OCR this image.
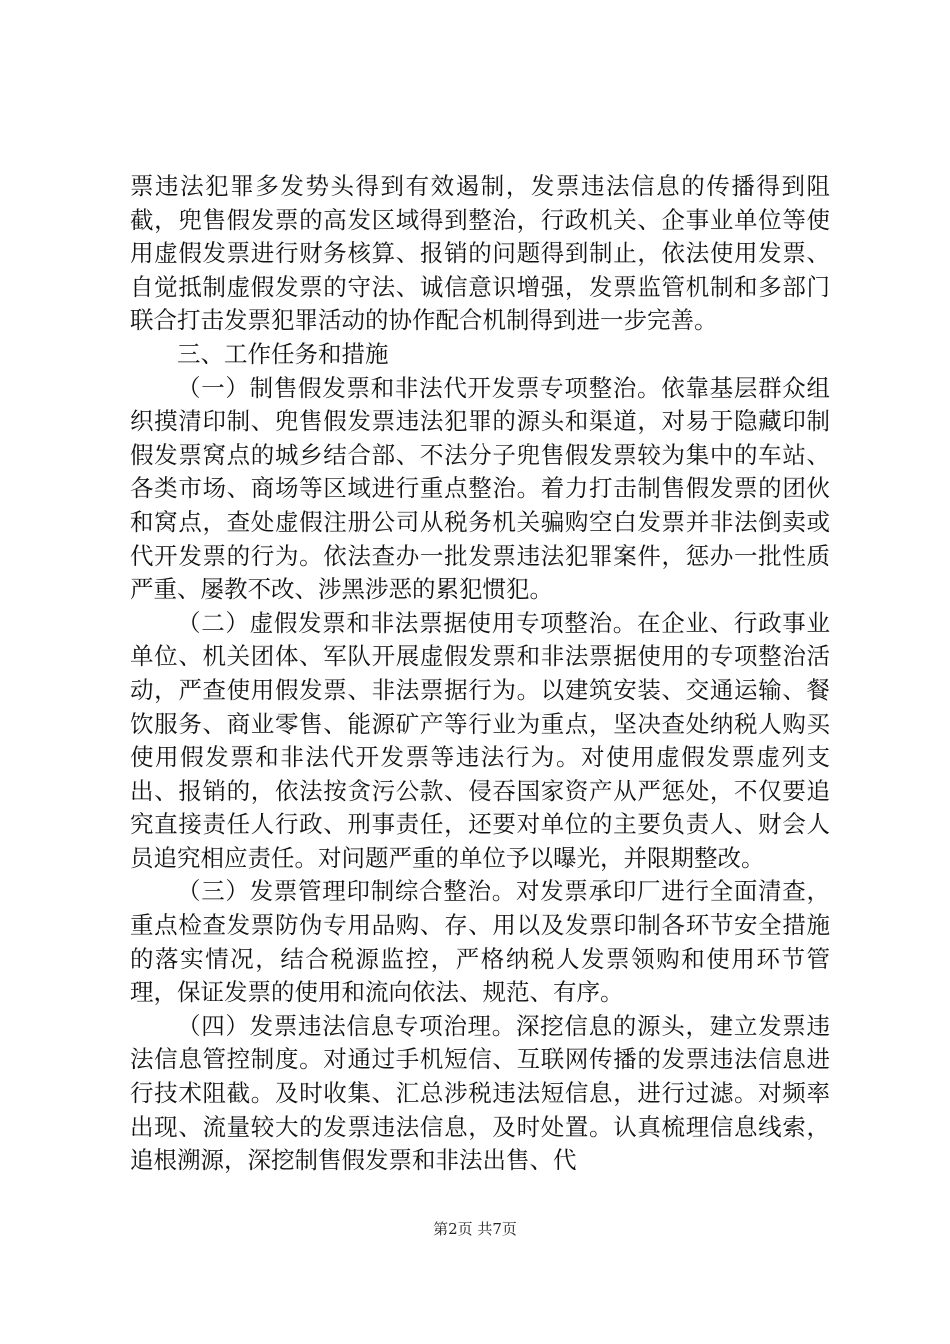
票违法犯罪多发势头得到有效遏制，发票违法信息的传播得到阻截，兜售假发票的高发区域得到整治，行政机关、企事业单位等使用虚假发票进行财务核算、报销的问题得到制止，依法使用发票、自觉抵制虚假发票的守法、诚信意识增强，发票监管机制和多部门联合打击发票犯罪活动的协作配合机制得到进一步完善。

三、工作任务和措施

（一）制售假发票和非法代开发票专项整治。依靠基层群众组织摸清印制、兜售假发票违法犯罪的源头和渠道，对易于隐藏印制假发票窝点的城乡结合部、不法分子兜售假发票较为集中的车站、各类市场、商场等区域进行重点整治。着力打击制售假发票的团伙和窝点，查处虚假注册公司从税务机关骗购空白发票并非法倒卖或代开发票的行为。依法查办一批发票违法犯罪案件，惩办一批性质严重、屡教不改、涉黑涉恶的累犯惯犯。

（二）虚假发票和非法票据使用专项整治。在企业、行政事业单位、机关团体、军队开展虚假发票和非法票据使用的专项整治活动，严查使用假发票、非法票据行为。以建筑安装、交通运输、餐饮服务、商业零售、能源矿产等行业为重点，坚决查处纳税人购买使用假发票和非法代开发票等违法行为。对使用虚假发票虚列支出、报销的，依法按贪污公款、侵吞国家资产从严惩处，不仅要追究直接责任人行政、刑事责任，还要对单位的主要负责人、财会人员追究相应责任。对问题严重的单位予以曝光，并限期整改。

（三）发票管理印制综合整治。对发票承印厂进行全面清查，重点检查发票防伪专用品购、存、用以及发票印制各环节安全措施的落实情况，结合税源监控，严格纳税人发票领购和使用环节管理，保证发票的使用和流向依法、规范、有序。

（四）发票违法信息专项治理。深挖信息的源头，建立发票违法信息管控制度。对通过手机短信、互联网传播的发票违法信息进行技术阻截。及时收集、汇总涉税违法短信息，进行过滤。对频率出现、流量较大的发票违法信息，及时处置。认真梳理信息线索，追根溯源，深挖制售假发票和非法出售、代

第2页 共7页
